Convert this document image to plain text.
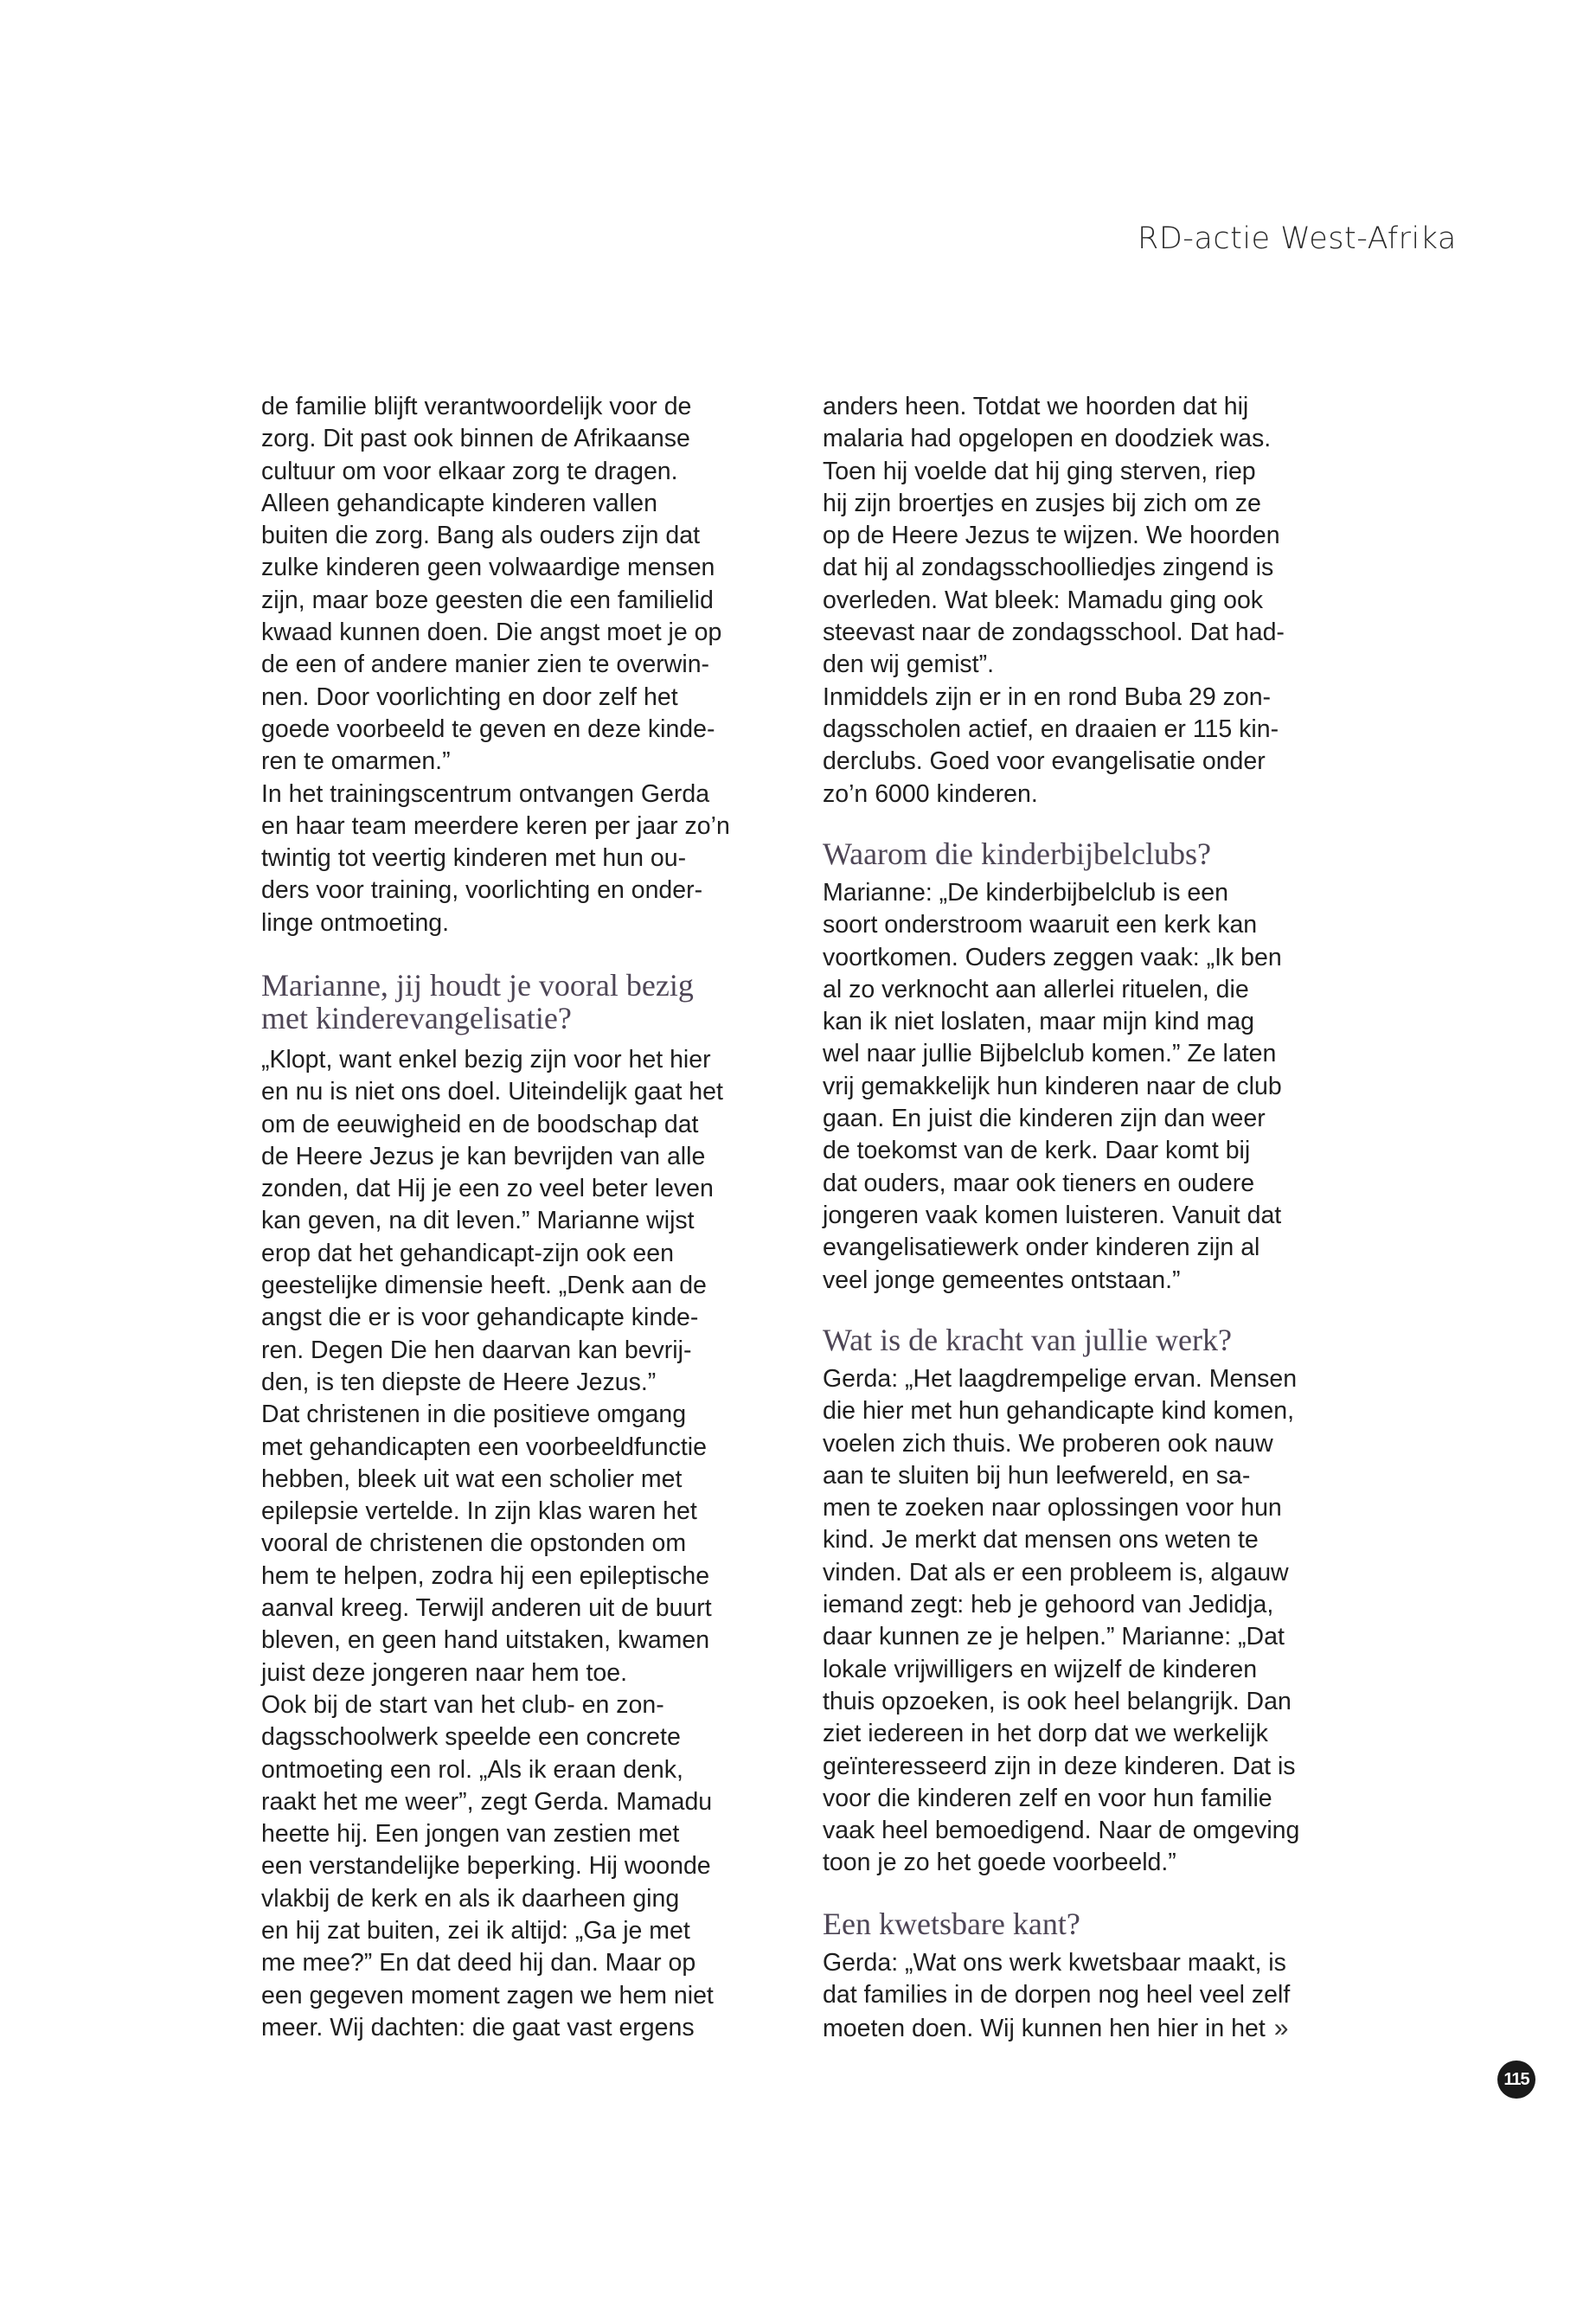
RD-actie West-Afrika
de familie blijft verantwoordelijk voor de
zorg. Dit past ook binnen de Afrikaanse
cultuur om voor elkaar zorg te dragen.
Alleen gehandicapte kinderen vallen
buiten die zorg. Bang als ouders zijn dat
zulke kinderen geen volwaardige mensen
zijn, maar boze geesten die een familielid
kwaad kunnen doen. Die angst moet je op
de een of andere manier zien te overwin-
nen. Door voorlichting en door zelf het
goede voorbeeld te geven en deze kinde-
ren te omarmen.”
In het trainingscentrum ontvangen Gerda
en haar team meerdere keren per jaar zo’n
twintig tot veertig kinderen met hun ou-
ders voor training, voorlichting en onder-
linge ontmoeting.
Marianne, jij houdt je vooral bezig
met kinderevangelisatie?
„Klopt, want enkel bezig zijn voor het hier
en nu is niet ons doel. Uiteindelijk gaat het
om de eeuwigheid en de boodschap dat
de Heere Jezus je kan bevrijden van alle
zonden, dat Hij je een zo veel beter leven
kan geven, na dit leven.” Marianne wijst
erop dat het gehandicapt-zijn ook een
geestelijke dimensie heeft. „Denk aan de
angst die er is voor gehandicapte kinde-
ren. Degen Die hen daarvan kan bevrij-
den, is ten diepste de Heere Jezus.”
Dat christenen in die positieve omgang
met gehandicapten een voorbeeldfunctie
hebben, bleek uit wat een scholier met
epilepsie vertelde. In zijn klas waren het
vooral de christenen die opstonden om
hem te helpen, zodra hij een epileptische
aanval kreeg. Terwijl anderen uit de buurt
bleven, en geen hand uitstaken, kwamen
juist deze jongeren naar hem toe.
Ook bij de start van het club- en zon-
dagsschoolwerk speelde een concrete
ontmoeting een rol. „Als ik eraan denk,
raakt het me weer”, zegt Gerda. Mamadu
heette hij. Een jongen van zestien met
een verstandelijke beperking. Hij woonde
vlakbij de kerk en als ik daarheen ging
en hij zat buiten, zei ik altijd: „Ga je met
me mee?” En dat deed hij dan. Maar op
een gegeven moment zagen we hem niet
meer. Wij dachten: die gaat vast ergens
anders heen. Totdat we hoorden dat hij
malaria had opgelopen en doodziek was.
Toen hij voelde dat hij ging sterven, riep
hij zijn broertjes en zusjes bij zich om ze
op de Heere Jezus te wijzen. We hoorden
dat hij al zondagsschoolliedjes zingend is
overleden. Wat bleek: Mamadu ging ook
steevast naar de zondagsschool. Dat had-
den wij gemist”.
Inmiddels zijn er in en rond Buba 29 zon-
dagsscholen actief, en draaien er 115 kin-
derclubs. Goed voor evangelisatie onder
zo’n 6000 kinderen.
Waarom die kinderbijbelclubs?
Marianne: „De kinderbijbelclub is een
soort onderstroom waaruit een kerk kan
voortkomen. Ouders zeggen vaak: „Ik ben
al zo verknocht aan allerlei rituelen, die
kan ik niet loslaten, maar mijn kind mag
wel naar jullie Bijbelclub komen.” Ze laten
vrij gemakkelijk hun kinderen naar de club
gaan. En juist die kinderen zijn dan weer
de toekomst van de kerk. Daar komt bij
dat ouders, maar ook tieners en oudere
jongeren vaak komen luisteren. Vanuit dat
evangelisatiewerk onder kinderen zijn al
veel jonge gemeentes ontstaan.”
Wat is de kracht van jullie werk?
Gerda: „Het laagdrempelige ervan. Mensen
die hier met hun gehandicapte kind komen,
voelen zich thuis. We proberen ook nauw
aan te sluiten bij hun leefwereld, en sa-
men te zoeken naar oplossingen voor hun
kind. Je merkt dat mensen ons weten te
vinden. Dat als er een probleem is, algauw
iemand zegt: heb je gehoord van Jedidja,
daar kunnen ze je helpen.” Marianne: „Dat
lokale vrijwilligers en wijzelf de kinderen
thuis opzoeken, is ook heel belangrijk. Dan
ziet iedereen in het dorp dat we werkelijk
geïnteresseerd zijn in deze kinderen. Dat is
voor die kinderen zelf en voor hun familie
vaak heel bemoedigend. Naar de omgeving
toon je zo het goede voorbeeld.”
Een kwetsbare kant?
Gerda: „Wat ons werk kwetsbaar maakt, is
dat families in de dorpen nog heel veel zelf
moeten doen. Wij kunnen hen hier in het »
115
